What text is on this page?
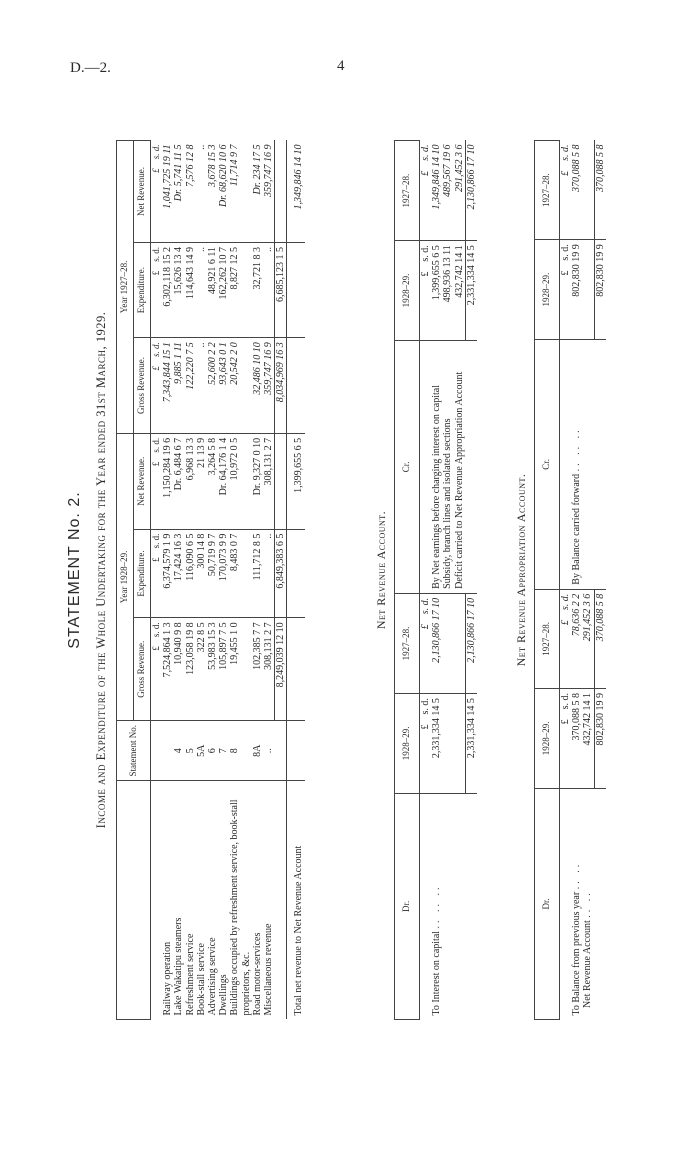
D.—2.	4
STATEMENT No. 2. Income and Expenditure of the Whole Undertaking for the Year ended 31st March, 1929.
	Statement No.	Year 1928–29.			Year 1927–28.		
		Gross Revenue.	Expenditure.	Net Revenue.	Gross Revenue.	Expenditure.	Net Revenue.
		£    s. d.	£    s. d.	£    s. d.	£    s. d.	£    s. d.	£    s. d.
Railway operation		7,524,864 1 3	6,374,579 1 9	1,150,284 19 6	7,343,844 15 1	6,302,118 15 2	1,041,725 19 11
Lake Wakatipu steamers	4	10,940 9 8	17,424 16 3	Dr. 6,484 6 7	9,885 1 11	15,626 13 4	Dr. 5,741 11 5
Refreshment service	5	123,058 19 8	116,090 6 5	6,968 13 3	122,220 7 5	114,643 14 9	7,576 12 8
Book-stall service	5A	322 8 5	300 14 8	21 13 9	..	..	..
Advertising service	6	53,983 15 3	50,719 9 7	3,264 5 8	52,600 2 2	48,921 6 11	3,678 15 3
Dwellings	7	105,897 7 5	170,073 9 9	Dr. 64,176 1 4	93,643 0 1	162,262 10 7	Dr. 68,620 10 6
Buildings occupied by refreshment service, book-stall proprietors, &c.	8	19,455 1 0	8,483 0 7	10,972 0 5	20,542 2 0	8,827 12 5	11,714 9 7
Road motor-services	8A	102,385 7 7	111,712 8 5	Dr. 9,327 0 10	32,486 10 10	32,721 8 3	Dr. 234 17 5
Miscellaneous revenue	..	308,131 2 7	..	308,131 2 7	359,747 16 9	..	359,747 16 9
		8,249,039 12 10	6,849,383 6 5		8,034,969 16 3	6,685,123 1 5	
Total net revenue to Net Revenue Account				1,399,655 6 5			1,349,846 14 10
Net Revenue Account.
Dr.	1928–29.	1927–28.	Cr.	1928–29.	1927–28.
	£    s. d.	£    s. d.		£    s. d.	£    s. d.
To Interest on capital .. .. ..	2,331,334 14 5	2,130,866 17 10	By Net earnings before charging interest on capital	1,399,655 6 5	1,349,846 14 10
			Subsidy, branch lines and isolated sections	498,936 13 11	489,567 19 6
			Deficit carried to Net Revenue Appropriation Account	432,742 14 1	291,452 3 6
	2,331,334 14 5	2,130,866 17 10		2,331,334 14 5	2,130,866 17 10
Net Revenue Appropriation Account.
Dr.	1928–29.	1927–28.	Cr.	1928–29.	1927–28.
	£    s. d.	£    s. d.		£    s. d.	£    s. d.
To Balance from previous year .. ..	370,088 5 8	78,636 2 2	By Balance carried forward .. .. ..	802,830 19 9	370,088 5 8
Net Revenue Account .. ..	432,742 14 1	291,452 3 6			
	802,830 19 9	370,088 5 8		802,830 19 9	370,088 5 8
